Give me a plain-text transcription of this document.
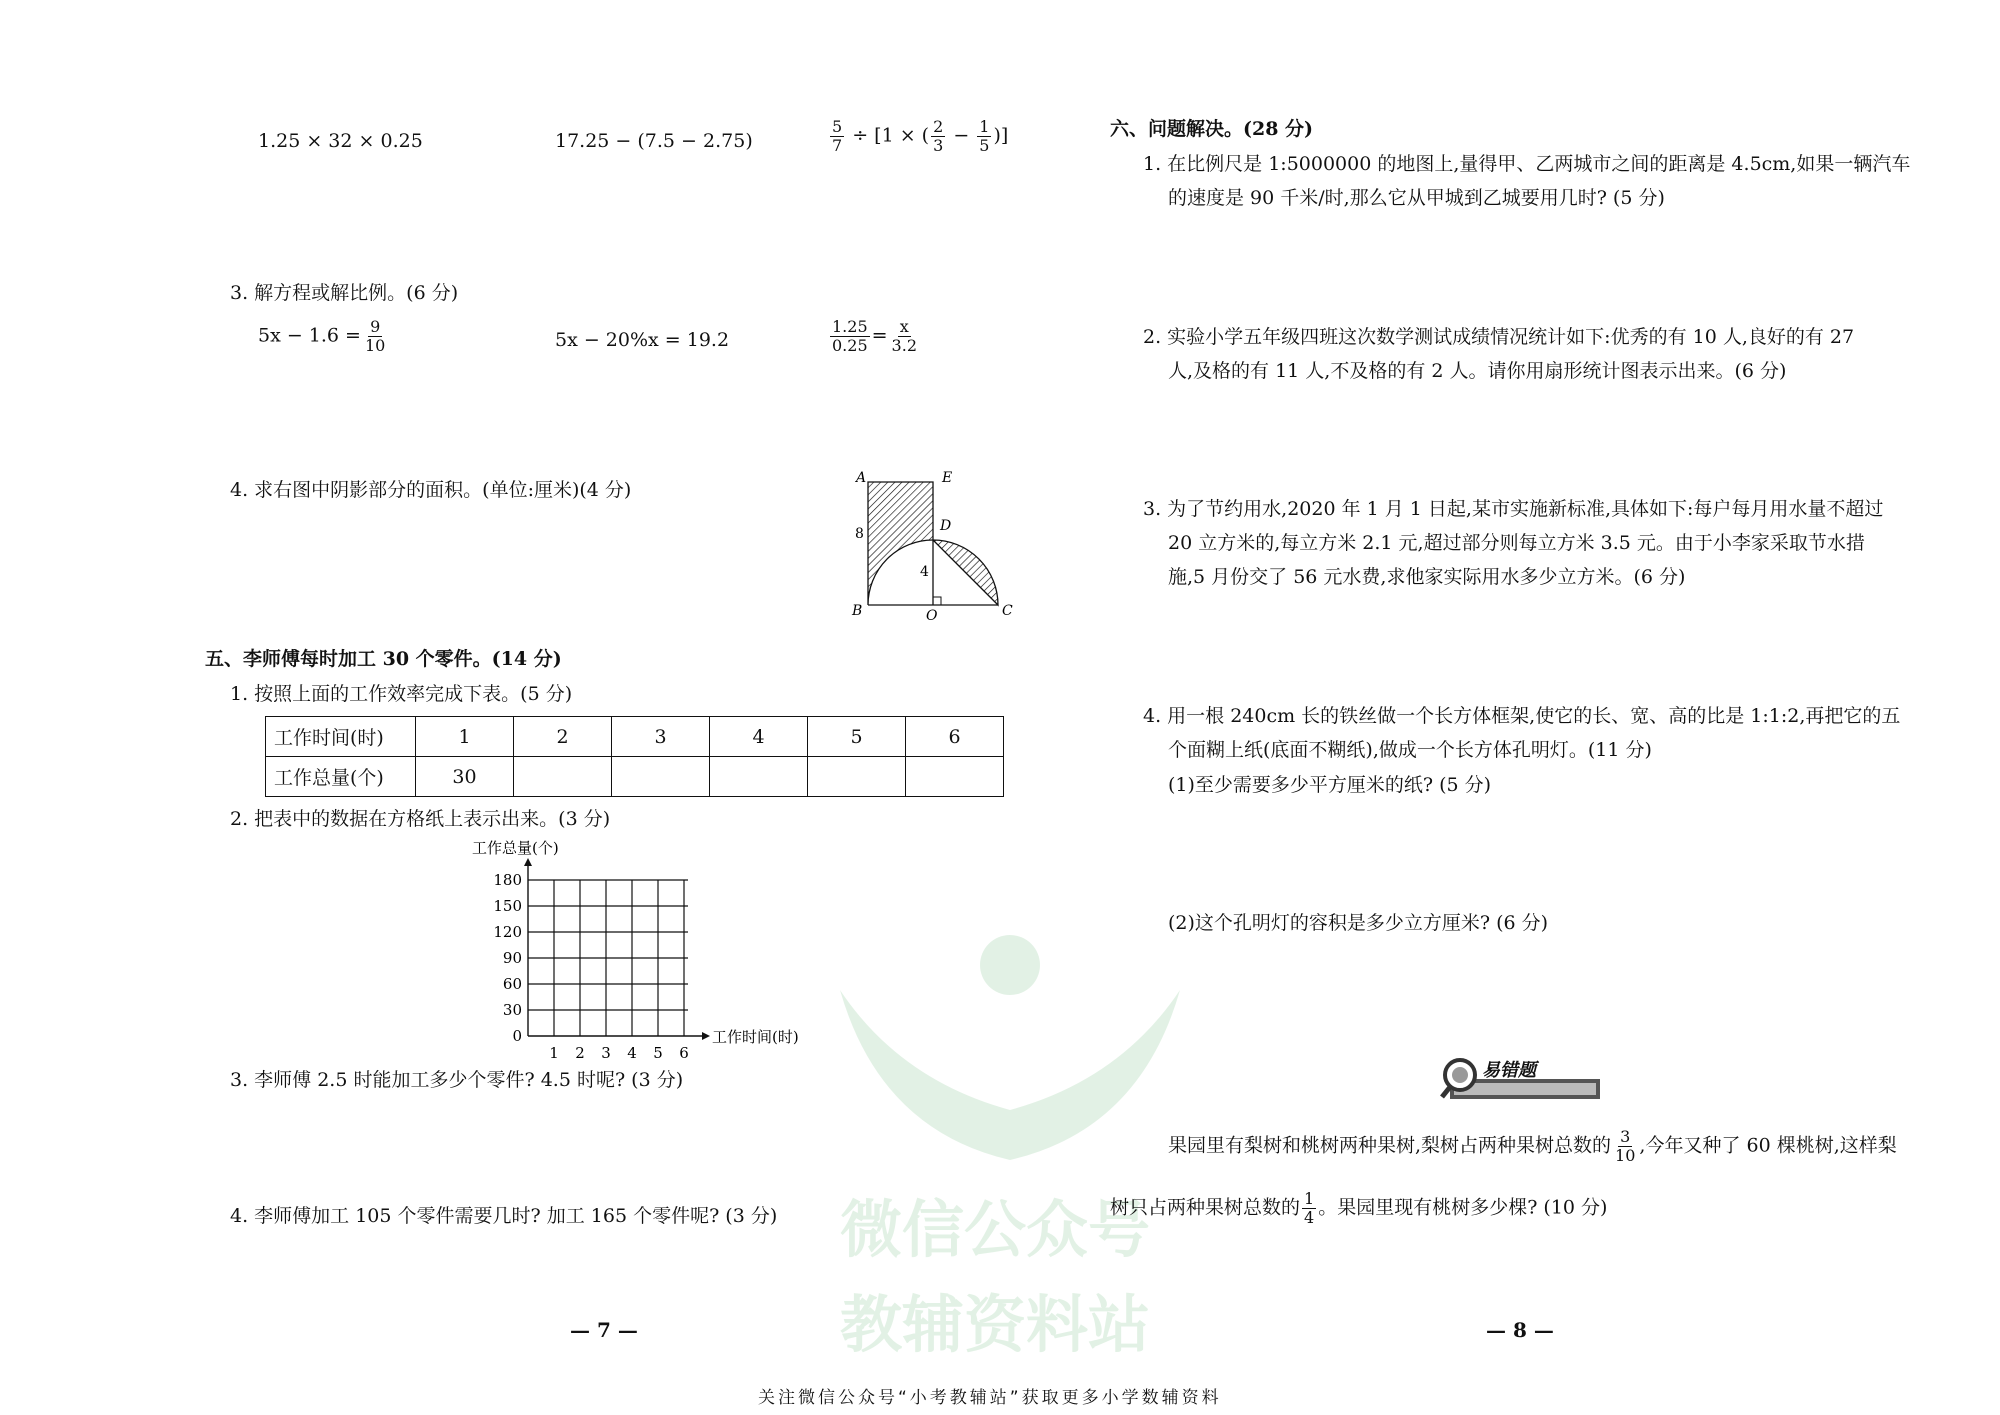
微信公众号
教辅资料站
1.25 × 32 × 0.25	17.25 − (7.5 − 2.75)	$\frac{5}{7} \div [1$ × ( $\frac{2}{3} - \frac{1}{5}$ )]
3. 解方程或解比例。(6 分)
$5x - 1.6 = \frac{9}{10}$	5x − 20%x = 19.2	$\frac{1.25}{0.25} = \frac{x}{3.2}$
4. 求右图中阴影部分的面积。(单位:厘米)(4 分)
A	E
D
B	O	C
8
4
五、李师傅每时加工 30 个零件。(14 分)
1. 按照上面的工作效率完成下表。(5 分)
工作时间(时)	1	2	3	4	5	6
工作总量(个)	30					
2. 把表中的数据在方格纸上表示出来。(3 分)
工作总量(个)
180
150
120
90
60
30
0
1 2 3 4 5 6
工作时间(时)
3. 李师傅 2.5 时能加工多少个零件? 4.5 时呢? (3 分)
4. 李师傅加工 105 个零件需要几时? 加工 165 个零件呢? (3 分)
— 7 —
六、问题解决。(28 分)
1. 在比例尺是 1:5000000 的地图上,量得甲、乙两城市之间的距离是 4.5cm,如果一辆汽车
的速度是 90 千米/时,那么它从甲城到乙城要用几时? (5 分)
2. 实验小学五年级四班这次数学测试成绩情况统计如下:优秀的有 10 人,良好的有 27
人,及格的有 11 人,不及格的有 2 人。请你用扇形统计图表示出来。(6 分)
3. 为了节约用水,2020 年 1 月 1 日起,某市实施新标准,具体如下:每户每月用水量不超过
20 立方米的,每立方米 2.1 元,超过部分则每立方米 3.5 元。由于小李家采取节水措
施,5 月份交了 56 元水费,求他家实际用水多少立方米。(6 分)
4. 用一根 240cm 长的铁丝做一个长方体框架,使它的长、宽、高的比是 1:1:2,再把它的五
个面糊上纸(底面不糊纸),做成一个长方体孔明灯。(11 分)
(1)至少需要多少平方厘米的纸? (5 分)
(2)这个孔明灯的容积是多少立方厘米? (6 分)
易错题
果园里有梨树和桃树两种果树,梨树占两种果树总数的 $\frac{3}{10}$ ,今年又种了 60 棵桃树,这样梨
树只占两种果树总数的 $\frac{1}{4}$ 。果园里现有桃树多少棵? (10 分)
— 8 —
关注微信公众号“小考教辅站”获取更多小学数辅资料
